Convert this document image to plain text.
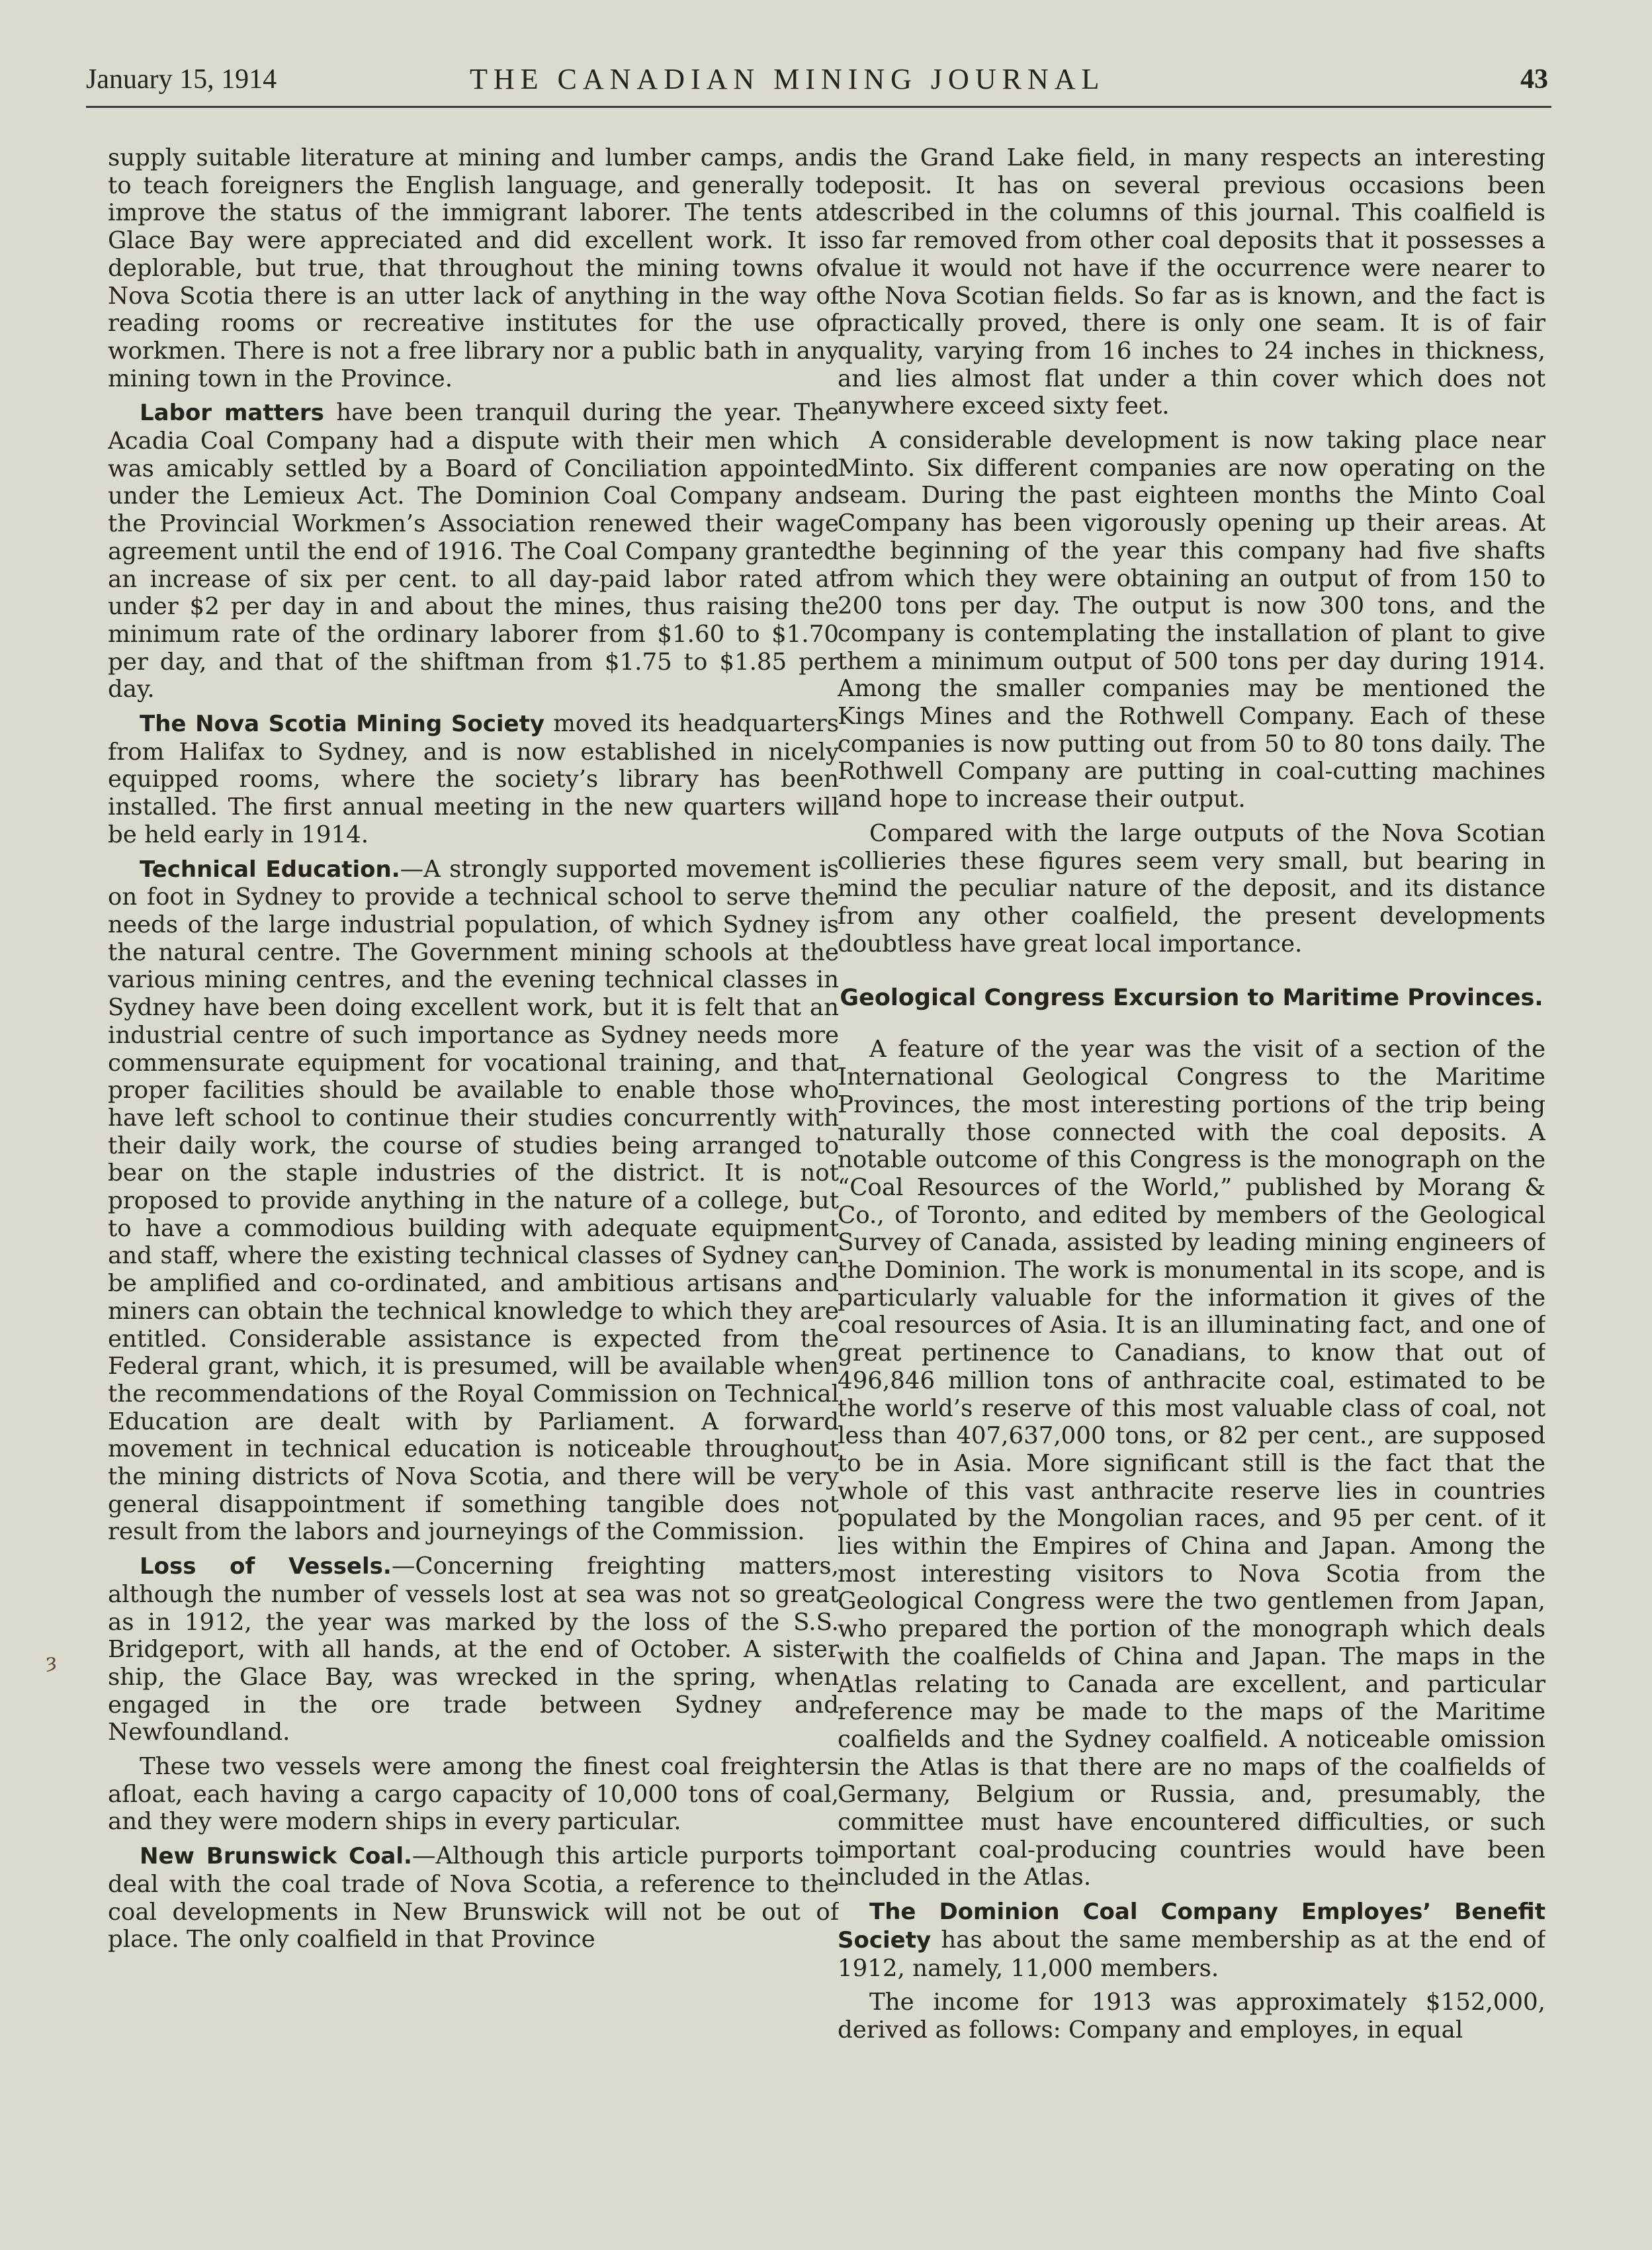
January 15, 1914	THE CANADIAN MINING JOURNAL	43
ȝ

supply suitable literature at mining and lumber camps, and to teach foreigners the English language, and generally to improve the status of the immigrant laborer. The tents at Glace Bay were appreciated and did excellent work. It is deplorable, but true, that throughout the mining towns of Nova Scotia there is an utter lack of anything in the way of reading rooms or recreative institutes for the use of workmen. There is not a free library nor a public bath in any mining town in the Province.

Labor matters have been tranquil during the year. The Acadia Coal Company had a dispute with their men which was amicably settled by a Board of Conciliation appointed under the Lemieux Act. The Dominion Coal Company and the Provincial Workmen’s Association renewed their wage agreement until the end of 1916. The Coal Company granted an increase of six per cent. to all day-paid labor rated at under $2 per day in and about the mines, thus raising the minimum rate of the ordinary laborer from $1.60 to $1.70 per day, and that of the shiftman from $1.75 to $1.85 per day.

The Nova Scotia Mining Society moved its headquarters from Halifax to Sydney, and is now established in nicely equipped rooms, where the society’s library has been installed. The first annual meeting in the new quarters will be held early in 1914.

Technical Education.—A strongly supported movement is on foot in Sydney to provide a technical school to serve the needs of the large industrial population, of which Sydney is the natural centre. The Government mining schools at the various mining centres, and the evening technical classes in Sydney have been doing excellent work, but it is felt that an industrial centre of such importance as Sydney needs more commensurate equipment for vocational training, and that proper facilities should be available to enable those who have left school to continue their studies concurrently with their daily work, the course of studies being arranged to bear on the staple industries of the district. It is not proposed to provide anything in the nature of a college, but to have a commodious building with adequate equipment and staff, where the existing technical classes of Sydney can be amplified and co-ordinated, and ambitious artisans and miners can obtain the technical knowledge to which they are entitled. Considerable assistance is expected from the Federal grant, which, it is presumed, will be available when the recommendations of the Royal Commission on Technical Education are dealt with by Parliament. A forward movement in technical education is noticeable throughout the mining districts of Nova Scotia, and there will be very general disappointment if something tangible does not result from the labors and journeyings of the Commission.

Loss of Vessels.—Concerning freighting matters, although the number of vessels lost at sea was not so great as in 1912, the year was marked by the loss of the S.S. Bridgeport, with all hands, at the end of October. A sister ship, the Glace Bay, was wrecked in the spring, when engaged in the ore trade between Sydney and Newfoundland.

These two vessels were among the finest coal freighters afloat, each having a cargo capacity of 10,000 tons of coal, and they were modern ships in every particular.

New Brunswick Coal.—Although this article purports to deal with the coal trade of Nova Scotia, a reference to the coal developments in New Brunswick will not be out of place. The only coalfield in that Province

is the Grand Lake field, in many respects an interesting deposit. It has on several previous occasions been described in the columns of this journal. This coalfield is so far removed from other coal deposits that it possesses a value it would not have if the occurrence were nearer to the Nova Scotian fields. So far as is known, and the fact is practically proved, there is only one seam. It is of fair quality, varying from 16 inches to 24 inches in thickness, and lies almost flat under a thin cover which does not anywhere exceed sixty feet.

A considerable development is now taking place near Minto. Six different companies are now operating on the seam. During the past eighteen months the Minto Coal Company has been vigorously opening up their areas. At the beginning of the year this company had five shafts from which they were obtaining an output of from 150 to 200 tons per day. The output is now 300 tons, and the company is contemplating the installation of plant to give them a minimum output of 500 tons per day during 1914. Among the smaller companies may be mentioned the Kings Mines and the Rothwell Company. Each of these companies is now putting out from 50 to 80 tons daily. The Rothwell Company are putting in coal-cutting machines and hope to increase their output.

Compared with the large outputs of the Nova Scotian collieries these figures seem very small, but bearing in mind the peculiar nature of the deposit, and its distance from any other coalfield, the present developments doubtless have great local importance.

Geological Congress Excursion to Maritime Provinces.

A feature of the year was the visit of a section of the International Geological Congress to the Maritime Provinces, the most interesting portions of the trip being naturally those connected with the coal deposits. A notable outcome of this Congress is the monograph on the “Coal Resources of the World,” published by Morang & Co., of Toronto, and edited by members of the Geological Survey of Canada, assisted by leading mining engineers of the Dominion. The work is monumental in its scope, and is particularly valuable for the information it gives of the coal resources of Asia. It is an illuminating fact, and one of great pertinence to Canadians, to know that out of 496,846 million tons of anthracite coal, estimated to be the world’s reserve of this most valuable class of coal, not less than 407,637,000 tons, or 82 per cent., are supposed to be in Asia. More significant still is the fact that the whole of this vast anthracite reserve lies in countries populated by the Mongolian races, and 95 per cent. of it lies within the Empires of China and Japan. Among the most interesting visitors to Nova Scotia from the Geological Congress were the two gentlemen from Japan, who prepared the portion of the monograph which deals with the coalfields of China and Japan. The maps in the Atlas relating to Canada are excellent, and particular reference may be made to the maps of the Maritime coalfields and the Sydney coalfield. A noticeable omission in the Atlas is that there are no maps of the coalfields of Germany, Belgium or Russia, and, presumably, the committee must have encountered difficulties, or such important coal-producing countries would have been included in the Atlas.

The Dominion Coal Company Employes’ Benefit Society has about the same membership as at the end of 1912, namely, 11,000 members.

The income for 1913 was approximately $152,000, derived as follows: Company and employes, in equal
